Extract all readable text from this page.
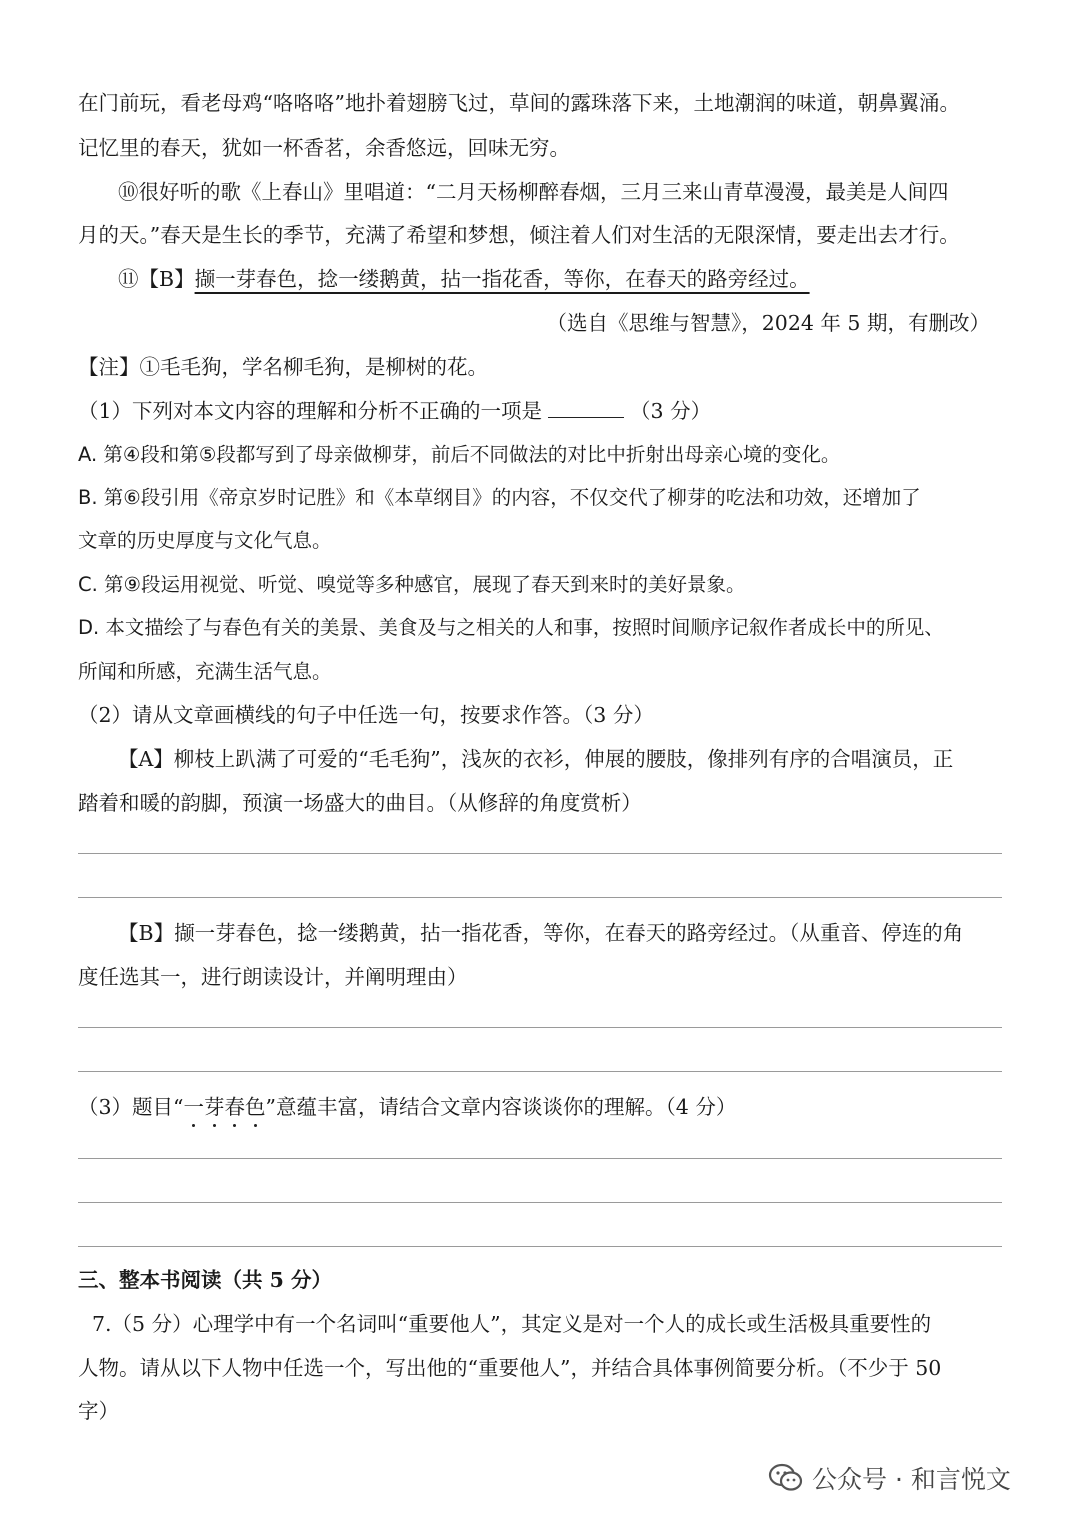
在门前玩，看老母鸡“咯咯咯”地扑着翅膀飞过，草间的露珠落下来，土地潮润的味道，朝鼻翼涌。
记忆里的春天，犹如一杯香茗，余香悠远，回味无穷。
⑩很好听的歌《上春山》里唱道：“二月天杨柳醉春烟，三月三来山青草漫漫，最美是人间四
月的天。”春天是生长的季节，充满了希望和梦想，倾注着人们对生活的无限深情，要走出去才行。
⑪【B】撷一芽春色，捻一缕鹅黄，拈一指花香，等你，在春天的路旁经过。
（选自《思维与智慧》，2024 年 5 期，有删改）
【注】①毛毛狗，学名柳毛狗，是柳树的花。
（1）下列对本文内容的理解和分析不正确的一项是	（3 分）
A. 第④段和第⑤段都写到了母亲做柳芽，前后不同做法的对比中折射出母亲心境的变化。
B. 第⑥段引用《帝京岁时记胜》和《本草纲目》的内容，不仅交代了柳芽的吃法和功效，还增加了
文章的历史厚度与文化气息。
C. 第⑨段运用视觉、听觉、嗅觉等多种感官，展现了春天到来时的美好景象。
D. 本文描绘了与春色有关的美景、美食及与之相关的人和事，按照时间顺序记叙作者成长中的所见、
所闻和所感，充满生活气息。
（2）请从文章画横线的句子中任选一句，按要求作答。（3 分）
【A】柳枝上趴满了可爱的“毛毛狗”，浅灰的衣衫，伸展的腰肢，像排列有序的合唱演员，正
踏着和暖的韵脚，预演一场盛大的曲目。（从修辞的角度赏析）
【B】撷一芽春色，捻一缕鹅黄，拈一指花香，等你，在春天的路旁经过。（从重音、停连的角
度任选其一，进行朗读设计，并阐明理由）
（3）题目“一芽春色”意蕴丰富，请结合文章内容谈谈你的理解。（4 分）
三、整本书阅读（共 5 分）
7.（5 分）心理学中有一个名词叫“重要他人”，其定义是对一个人的成长或生活极具重要性的
人物。请从以下人物中任选一个，写出他的“重要他人”，并结合具体事例简要分析。（不少于 50
字）
公众号 · 和言悦文
